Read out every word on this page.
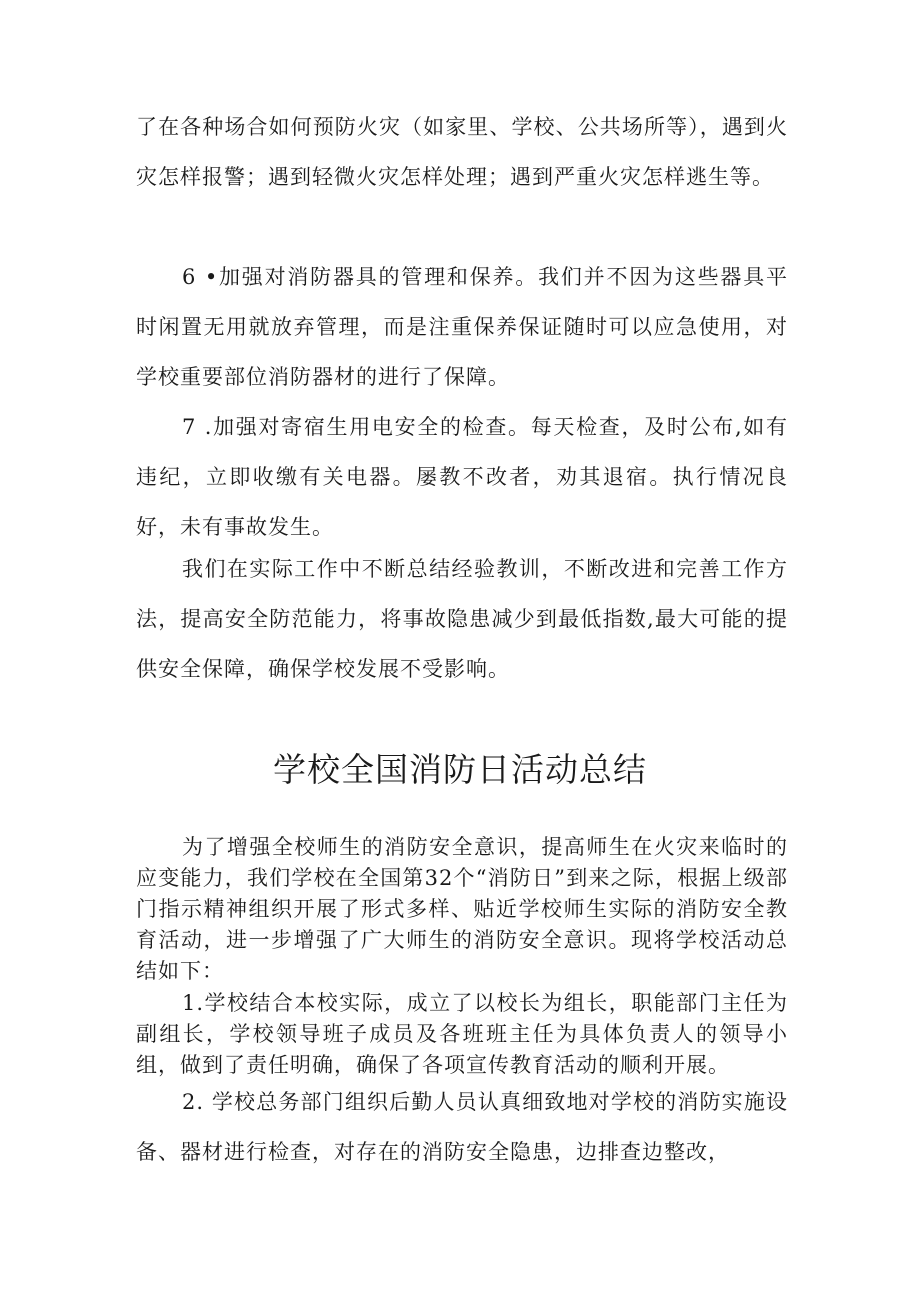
了在各种场合如何预防火灾（如家里、学校、公共场所等），遇到火灾怎样报警；遇到轻微火灾怎样处理；遇到严重火灾怎样逃生等。

6 •加强对消防器具的管理和保养。我们并不因为这些器具平时闲置无用就放弃管理，而是注重保养保证随时可以应急使用，对学校重要部位消防器材的进行了保障。

7 .加强对寄宿生用电安全的检查。每天检查，及时公布,如有违纪，立即收缴有关电器。屡教不改者，劝其退宿。执行情况良好，未有事故发生。

我们在实际工作中不断总结经验教训，不断改进和完善工作方法，提高安全防范能力，将事故隐患减少到最低指数,最大可能的提供安全保障，确保学校发展不受影响。

学校全国消防日活动总结

为了增强全校师生的消防安全意识，提高师生在火灾来临时的应变能力，我们学校在全国第32个“消防日”到来之际，根据上级部门指示精神组织开展了形式多样、贴近学校师生实际的消防安全教育活动，进一步增强了广大师生的消防安全意识。现将学校活动总结如下：

1.学校结合本校实际，成立了以校长为组长，职能部门主任为副组长，学校领导班子成员及各班班主任为具体负责人的领导小组，做到了责任明确，确保了各项宣传教育活动的顺利开展。

2. 学校总务部门组织后勤人员认真细致地对学校的消防实施设备、器材进行检查，对存在的消防安全隐患，边排查边整改，
